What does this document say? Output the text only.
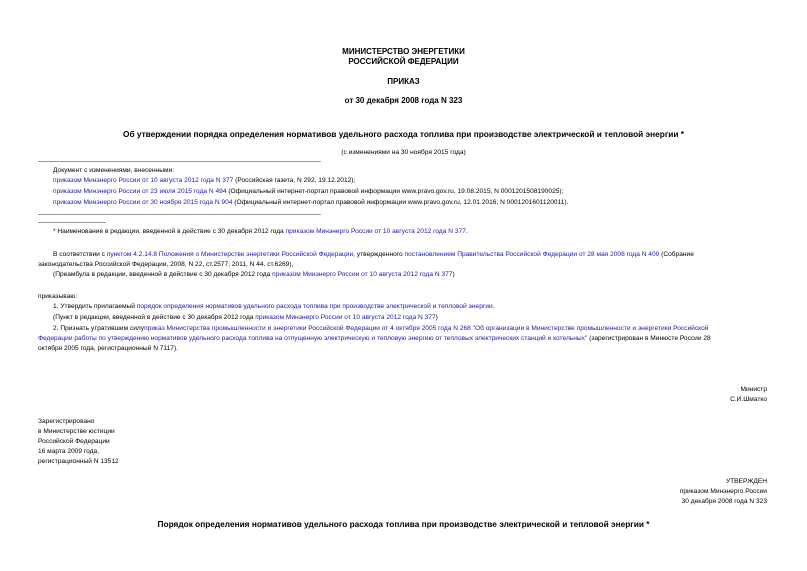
МИНИСТЕРСТВО ЭНЕРГЕТИКИ
РОССИЙСКОЙ ФЕДЕРАЦИИ
ПРИКАЗ
от 30 декабря 2008 года N 323
Об утверждении порядка определения нормативов удельного расхода топлива при производстве электрической и тепловой энергии *
(с изменениями на 30 ноября 2015 года)
Документ с изменениями, внесенными:
приказом Минэнерго России от 10 августа 2012 года N 377 (Российская газета, N 292, 19.12.2012);
приказом Минэнерго России от 23 июля 2015 года N 494 (Официальный интернет-портал правовой информации www.pravo.gov.ru, 19.08.2015, N 0001201508190025);
приказом Минэнерго России от 30 ноября 2015 года N 904 (Официальный интернет-портал правовой информации www.pravo.gov.ru, 12.01.2016, N 0001201601120011).
* Наименование в редакции, введенной в действие с 30 декабря 2012 года приказом Минэнерго России от 10 августа 2012 года N 377.
В соответствии с пунктом 4.2.14.8 Положения о Министерстве энергетики Российской Федерации, утвержденного постановлением Правительства Российской Федерации от 28 мая 2008 года N 400 (Собрание
законодательства Российской Федерации, 2008, N 22, ст.2577; 2011, N 44, ст.6269),
(Преамбула в редакции, введенной в действие с 30 декабря 2012 года приказом Минэнерго России от 10 августа 2012 года N 377)
приказываю:
1. Утвердить прилагаемый порядок определения нормативов удельного расхода топлива при производстве электрической и тепловой энергии.
(Пункт в редакции, введенной в действие с 30 декабря 2012 года приказом Минэнерго России от 10 августа 2012 года N 377)
2. Признать утратившим силуприказ Министерства промышленности и энергетики Российской Федерации от 4 октября 2005 года N 268 "Об организации в Министерстве промышленности и энергетики Российской
Федерации работы по утверждению нормативов удельного расхода топлива на отпущенную электрическую и тепловую энергию от тепловых электрических станций и котельных" (зарегистрирован в Минюсте России 28
октября 2005 года, регистрационный N 7117).
Министр
С.И.Шматко
Зарегистрировано
в Министерстве юстиции
Российской Федерации
16 марта 2009 года,
регистрационный N 13512
УТВЕРЖДЕН
приказом Минэнерго России
30 декабря 2008 года N 323
Порядок определения нормативов удельного расхода топлива при производстве электрической и тепловой энергии *
